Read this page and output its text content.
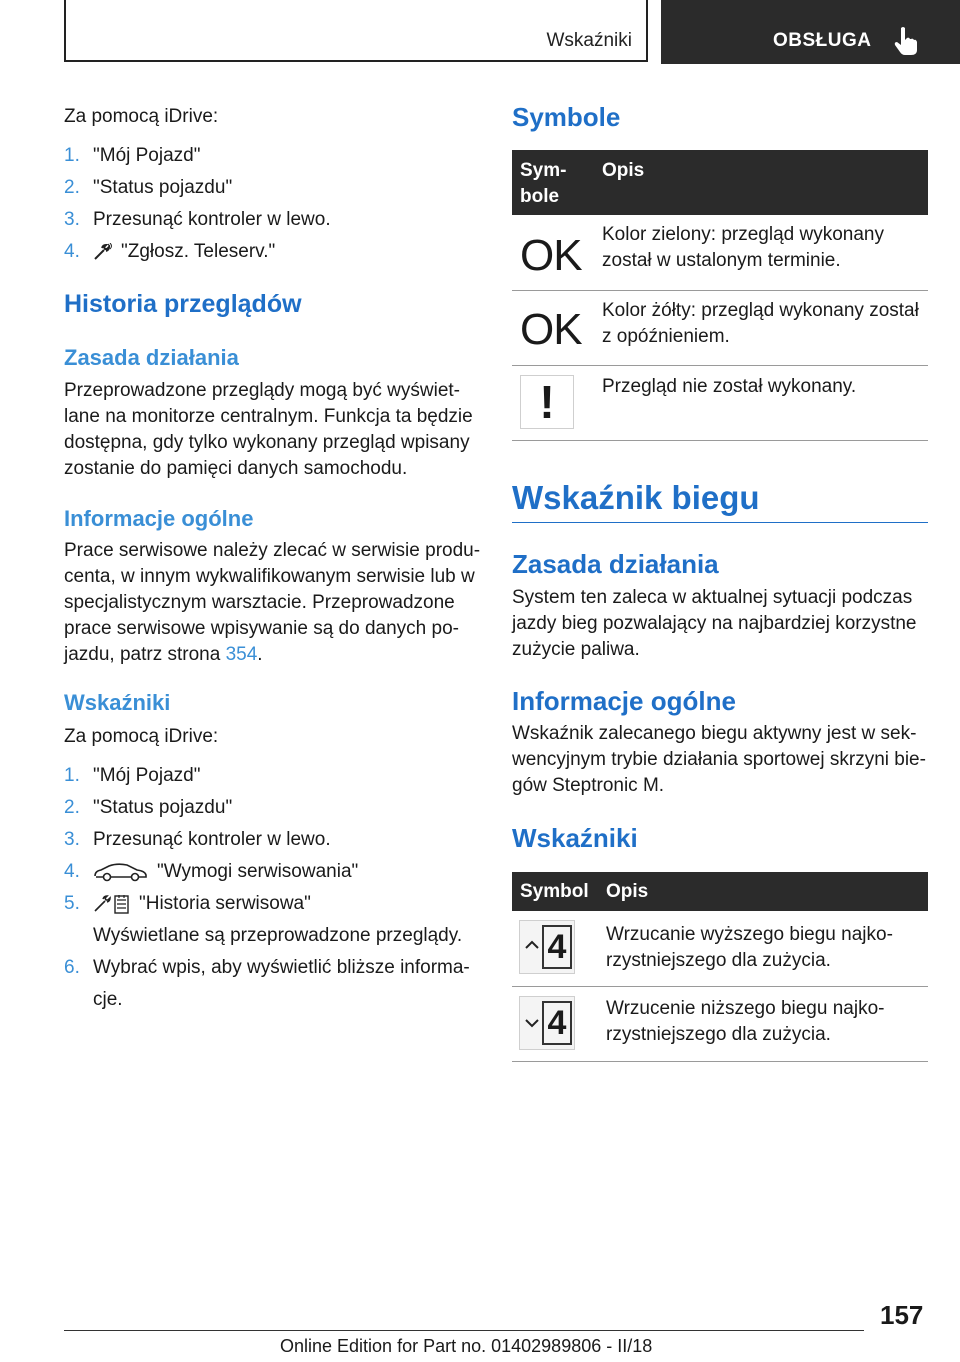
Wskaźniki	OBSŁUGA
Za pomocą iDrive:
1. "Mój Pojazd"
2. "Status pojazdu"
3. Przesunąć kontroler w lewo.
4. "Zgłosz. Teleserv."
Historia przeglądów
Zasada działania
Przeprowadzone przeglądy mogą być wyświet-
lane na monitorze centralnym. Funkcja ta będzie
dostępna, gdy tylko wykonany przegląd wpisany
zostanie do pamięci danych samochodu.
Informacje ogólne
Prace serwisowe należy zlecać w serwisie produ-
centa, w innym wykwalifikowanym serwisie lub w
specjalistycznym warsztacie. Przeprowadzone
prace serwisowe wpisywanie są do danych po-
jazdu, patrz strona 354.
Wskaźniki
Za pomocą iDrive:
1. "Mój Pojazd"
2. "Status pojazdu"
3. Przesunąć kontroler w lewo.
4.	"Wymogi serwisowania"
5.	"Historia serwisowa"
Wyświetlane są przeprowadzone przeglądy.
6. Wybrać wpis, aby wyświetlić bliższe informa-
cje.
Symbole
Sym-
bole
Opis
OK Kolor zielony: przegląd wykonany
został w ustalonym terminie.
OK Kolor żółty: przegląd wykonany został
z opóźnieniem.
!	Przegląd nie został wykonany.
Wskaźnik biegu
Zasada działania
System ten zaleca w aktualnej sytuacji podczas
jazdy bieg pozwalający na najbardziej korzystne
zużycie paliwa.
Informacje ogólne
Wskaźnik zalecanego biegu aktywny jest w sek-
wencyjnym trybie działania sportowej skrzyni bie-
gów Steptronic M.
Wskaźniki
Symbol Opis
4 Wrzucanie wyższego biegu najko-
rzystniejszego dla zużycia.
4 Wrzucenie niższego biegu najko-
rzystniejszego dla zużycia.
157
Online Edition for Part no. 01402989806 - II/18
